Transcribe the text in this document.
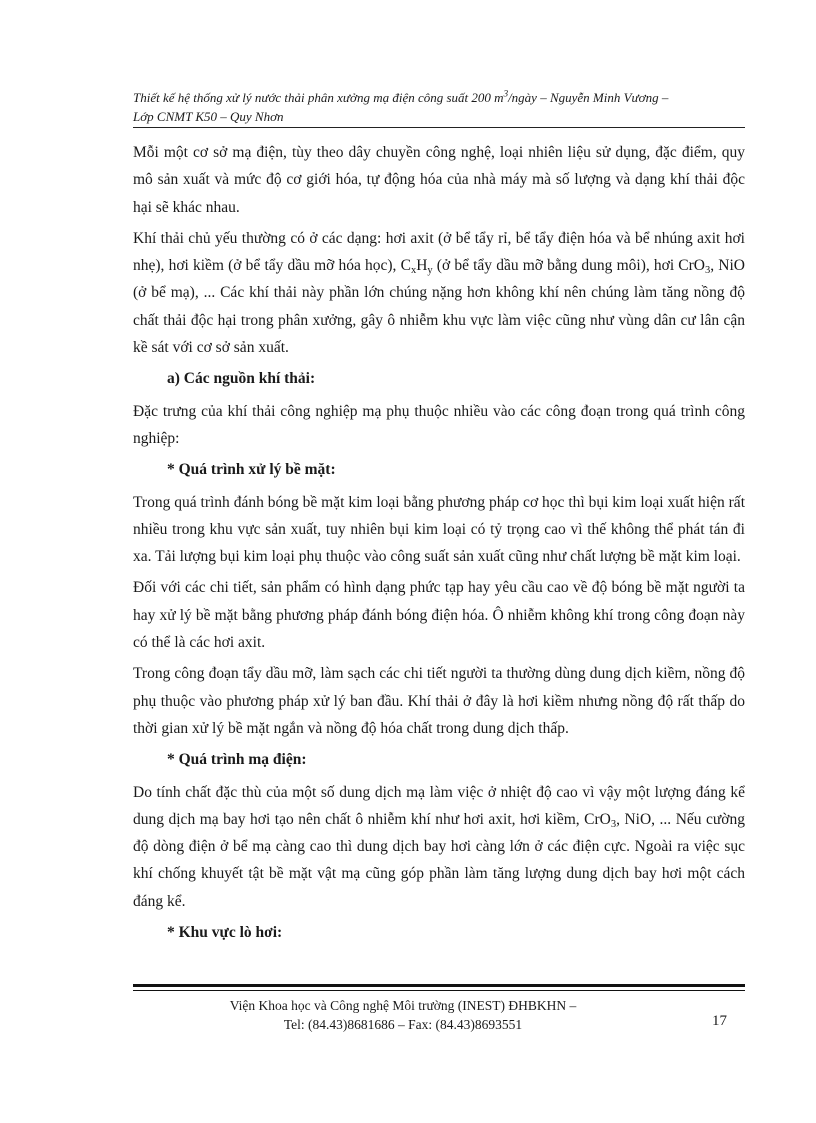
Thiết kế hệ thống xử lý nước thải phân xưởng mạ điện công suất 200 $m^3$/ngày – Nguyễn Minh Vương –
Lớp CNMT K50 – Quy Nhơn

Mỗi một cơ sở mạ điện, tùy theo dây chuyền công nghệ, loại nhiên liệu sử dụng, đặc điểm, quy mô sản xuất và mức độ cơ giới hóa, tự động hóa của nhà máy mà số lượng và dạng khí thải độc hại sẽ khác nhau.

Khí thải chủ yếu thường có ở các dạng: hơi axit (ở bể tẩy rỉ, bể tẩy điện hóa và bể nhúng axit hơi nhẹ), hơi kiềm (ở bể tẩy dầu mỡ hóa học), $C_xH_y$ (ở bể tẩy dầu mỡ bằng dung môi), hơi CrO$_3$, NiO (ở bể mạ), ... Các khí thải này phần lớn chúng nặng hơn không khí nên chúng làm tăng nồng độ chất thải độc hại trong phân xưởng, gây ô nhiễm khu vực làm việc cũng như vùng dân cư lân cận kề sát với cơ sở sản xuất.

a) Các nguồn khí thải:

Đặc trưng của khí thải công nghiệp mạ phụ thuộc nhiều vào các công đoạn trong quá trình công nghiệp:

* Quá trình xử lý bề mặt:

Trong quá trình đánh bóng bề mặt kim loại bằng phương pháp cơ học thì bụi kim loại xuất hiện rất nhiều trong khu vực sản xuất, tuy nhiên bụi kim loại có tỷ trọng cao vì thế không thể phát tán đi xa. Tải lượng bụi kim loại phụ thuộc vào công suất sản xuất cũng như chất lượng bề mặt kim loại.

Đối với các chi tiết, sản phẩm có hình dạng phức tạp hay yêu cầu cao về độ bóng bề mặt người ta hay xử lý bề mặt bằng phương pháp đánh bóng điện hóa. Ô nhiễm không khí trong công đoạn này có thể là các hơi axit.

Trong công đoạn tẩy dầu mỡ, làm sạch các chi tiết người ta thường dùng dung dịch kiềm, nồng độ phụ thuộc vào phương pháp xử lý ban đầu. Khí thải ở đây là hơi kiềm nhưng nồng độ rất thấp do thời gian xử lý bề mặt ngắn và nồng độ hóa chất trong dung dịch thấp.

* Quá trình mạ điện:

Do tính chất đặc thù của một số dung dịch mạ làm việc ở nhiệt độ cao vì vậy một lượng đáng kể dung dịch mạ bay hơi tạo nên chất ô nhiễm khí như hơi axit, hơi kiềm, CrO$_3$, NiO, ... Nếu cường độ dòng điện ở bể mạ càng cao thì dung dịch bay hơi càng lớn ở các điện cực. Ngoài ra việc sục khí chống khuyết tật bề mặt vật mạ cũng góp phần làm tăng lượng dung dịch bay hơi một cách đáng kể.

* Khu vực lò hơi:

Viện Khoa học và Công nghệ Môi trường (INEST) ĐHBKHN –
Tel: (84.43)8681686 – Fax: (84.43)8693551	17
